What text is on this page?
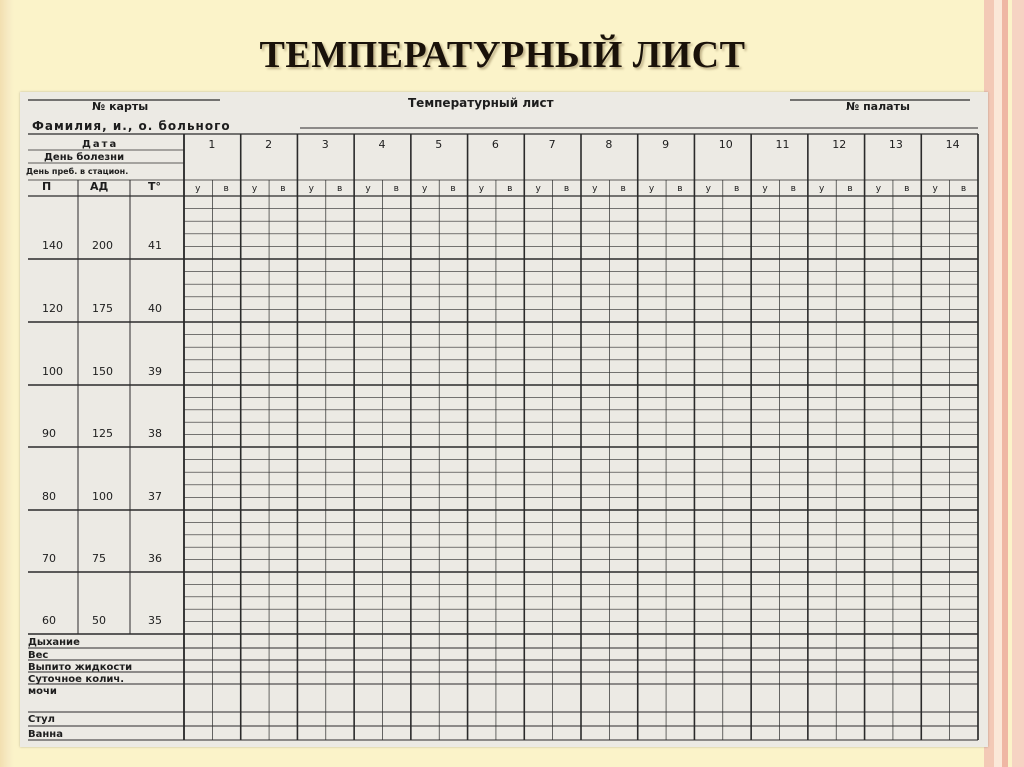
ТЕМПЕРАТУРНЫЙ ЛИСТ
№ карты	Температурный лист	№ палаты
Фамилия, и., о. больного
Дата
День болезни
День преб. в стацион.
П	АД	Т°
140	200	41
120	175	40
100	150	39
90	125	38
80	100	37
70	75	36
60	50	35
1
у	в
2
у	в
3
у	в
4
у	в
5
у	в
6
у	в
7
у	в
8
у	в
9
у	в
10
у	в
11
у	в
12
у	в
13
у	в
14
у	в
Дыхание
Вес
Выпито жидкости
Суточное колич.
мочи
Стул
Ванна
